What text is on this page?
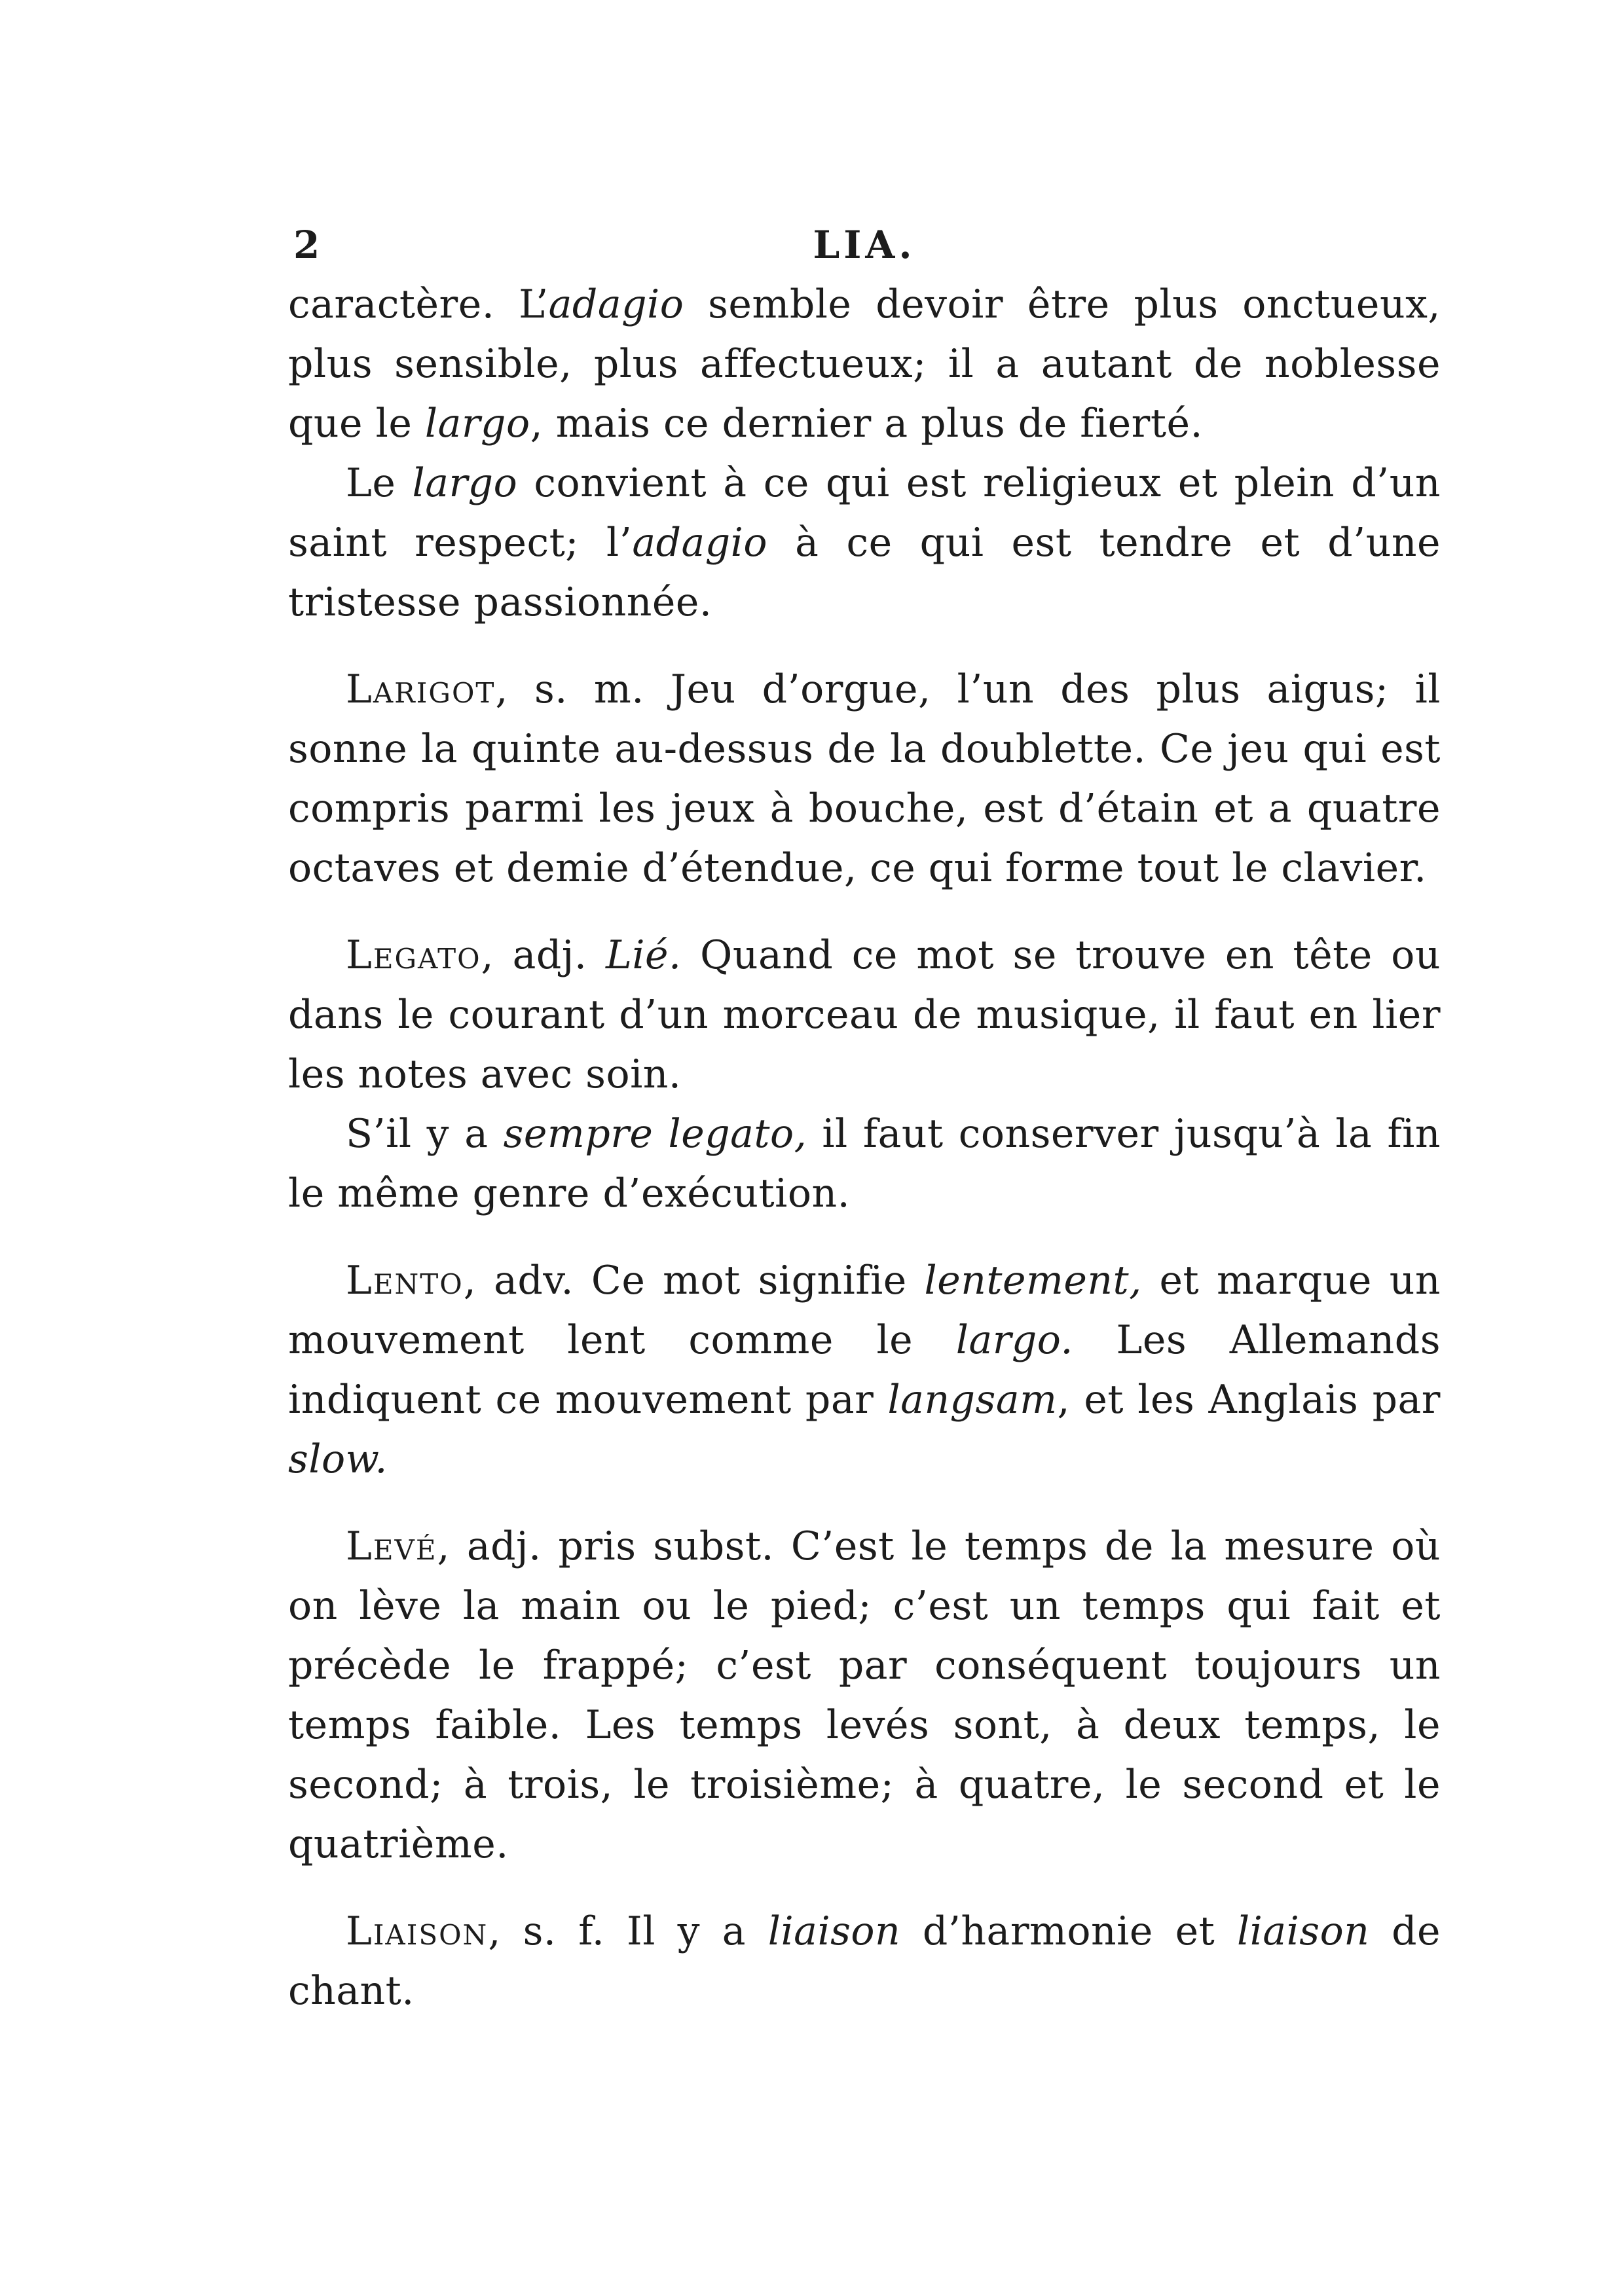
2	LIA.

caractère. L’adagio semble devoir être plus onctueux, plus sensible, plus affectueux; il a autant de noblesse que le largo, mais ce dernier a plus de fierté.

Le largo convient à ce qui est religieux et plein d’un saint respect; l’adagio à ce qui est tendre et d’une tristesse passionnée.

Larigot, s. m. Jeu d’orgue, l’un des plus aigus; il sonne la quinte au-dessus de la doublette. Ce jeu qui est compris parmi les jeux à bouche, est d’étain et a quatre octaves et demie d’étendue, ce qui forme tout le clavier.

Legato, adj. Lié. Quand ce mot se trouve en tête ou dans le courant d’un morceau de musique, il faut en lier les notes avec soin.

S’il y a sempre legato, il faut conserver jusqu’à la fin le même genre d’exécution.

Lento, adv. Ce mot signifie lentement, et marque un mouvement lent comme le largo. Les Allemands indiquent ce mouvement par langsam, et les Anglais par slow.

Levé, adj. pris subst. C’est le temps de la mesure où on lève la main ou le pied; c’est un temps qui fait et précède le frappé; c’est par conséquent toujours un temps faible. Les temps levés sont, à deux temps, le second; à trois, le troisième; à quatre, le second et le quatrième.

Liaison, s. f. Il y a liaison d’harmonie et liaison de chant.
